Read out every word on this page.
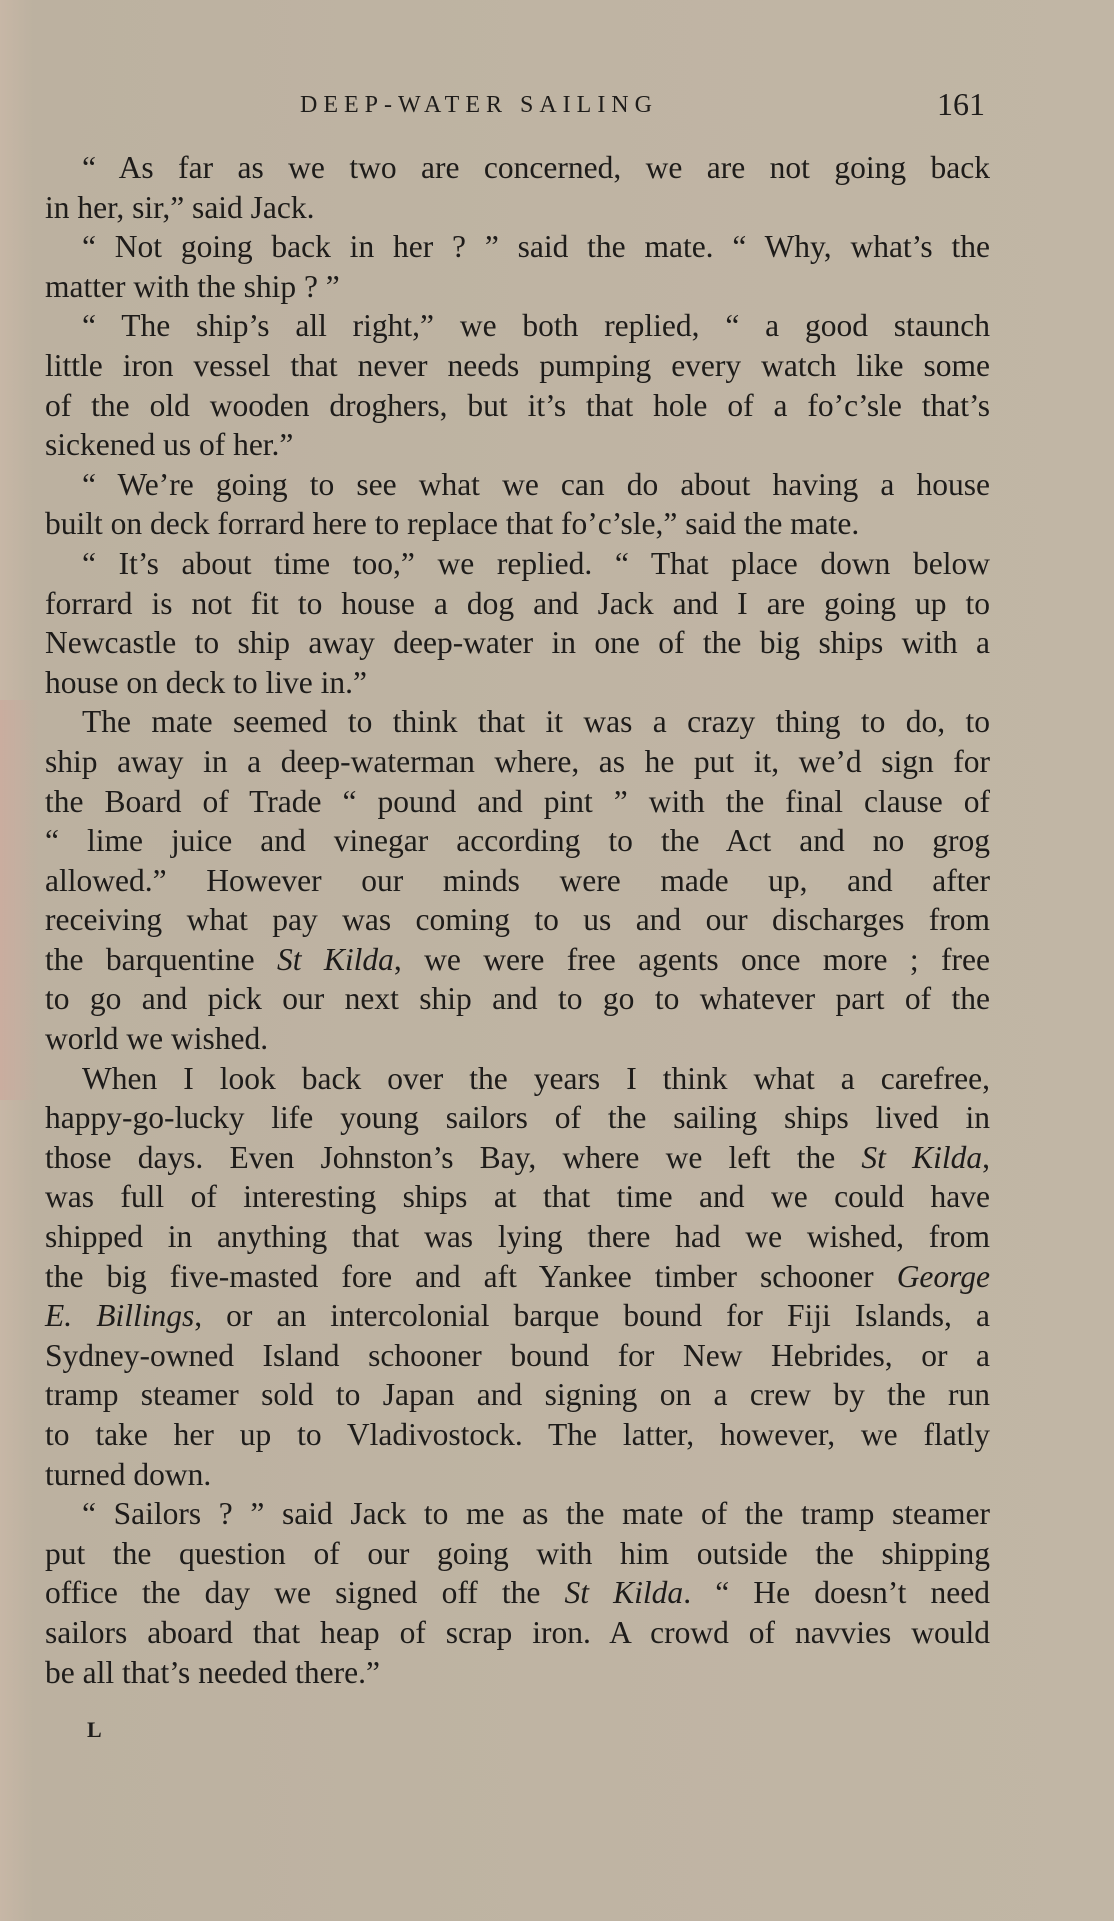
DEEP-WATER SAILING	161
“ As far as we two are concerned, we are not going back
in her, sir,” said Jack.
“ Not going back in her ? ” said the mate. “ Why, what’s the
matter with the ship ? ”
“ The ship’s all right,” we both replied, “ a good staunch
little iron vessel that never needs pumping every watch like some
of the old wooden droghers, but it’s that hole of a fo’c’sle that’s
sickened us of her.”
“ We’re going to see what we can do about having a house
built on deck forrard here to replace that fo’c’sle,” said the mate.
“ It’s about time too,” we replied. “ That place down below
forrard is not fit to house a dog and Jack and I are going up to
Newcastle to ship away deep-water in one of the big ships with a
house on deck to live in.”
The mate seemed to think that it was a crazy thing to do, to
ship away in a deep-waterman where, as he put it, we’d sign for
the Board of Trade “ pound and pint ” with the final clause of
“ lime juice and vinegar according to the Act and no grog
allowed.” However our minds were made up, and after
receiving what pay was coming to us and our discharges from
the barquentine St Kilda, we were free agents once more ; free
to go and pick our next ship and to go to whatever part of the
world we wished.
When I look back over the years I think what a carefree,
happy-go-lucky life young sailors of the sailing ships lived in
those days. Even Johnston’s Bay, where we left the St Kilda,
was full of interesting ships at that time and we could have
shipped in anything that was lying there had we wished, from
the big five-masted fore and aft Yankee timber schooner George
E. Billings, or an intercolonial barque bound for Fiji Islands, a
Sydney-owned Island schooner bound for New Hebrides, or a
tramp steamer sold to Japan and signing on a crew by the run
to take her up to Vladivostock. The latter, however, we flatly
turned down.
“ Sailors ? ” said Jack to me as the mate of the tramp steamer
put the question of our going with him outside the shipping
office the day we signed off the St Kilda. “ He doesn’t need
sailors aboard that heap of scrap iron. A crowd of navvies would
be all that’s needed there.”
L
